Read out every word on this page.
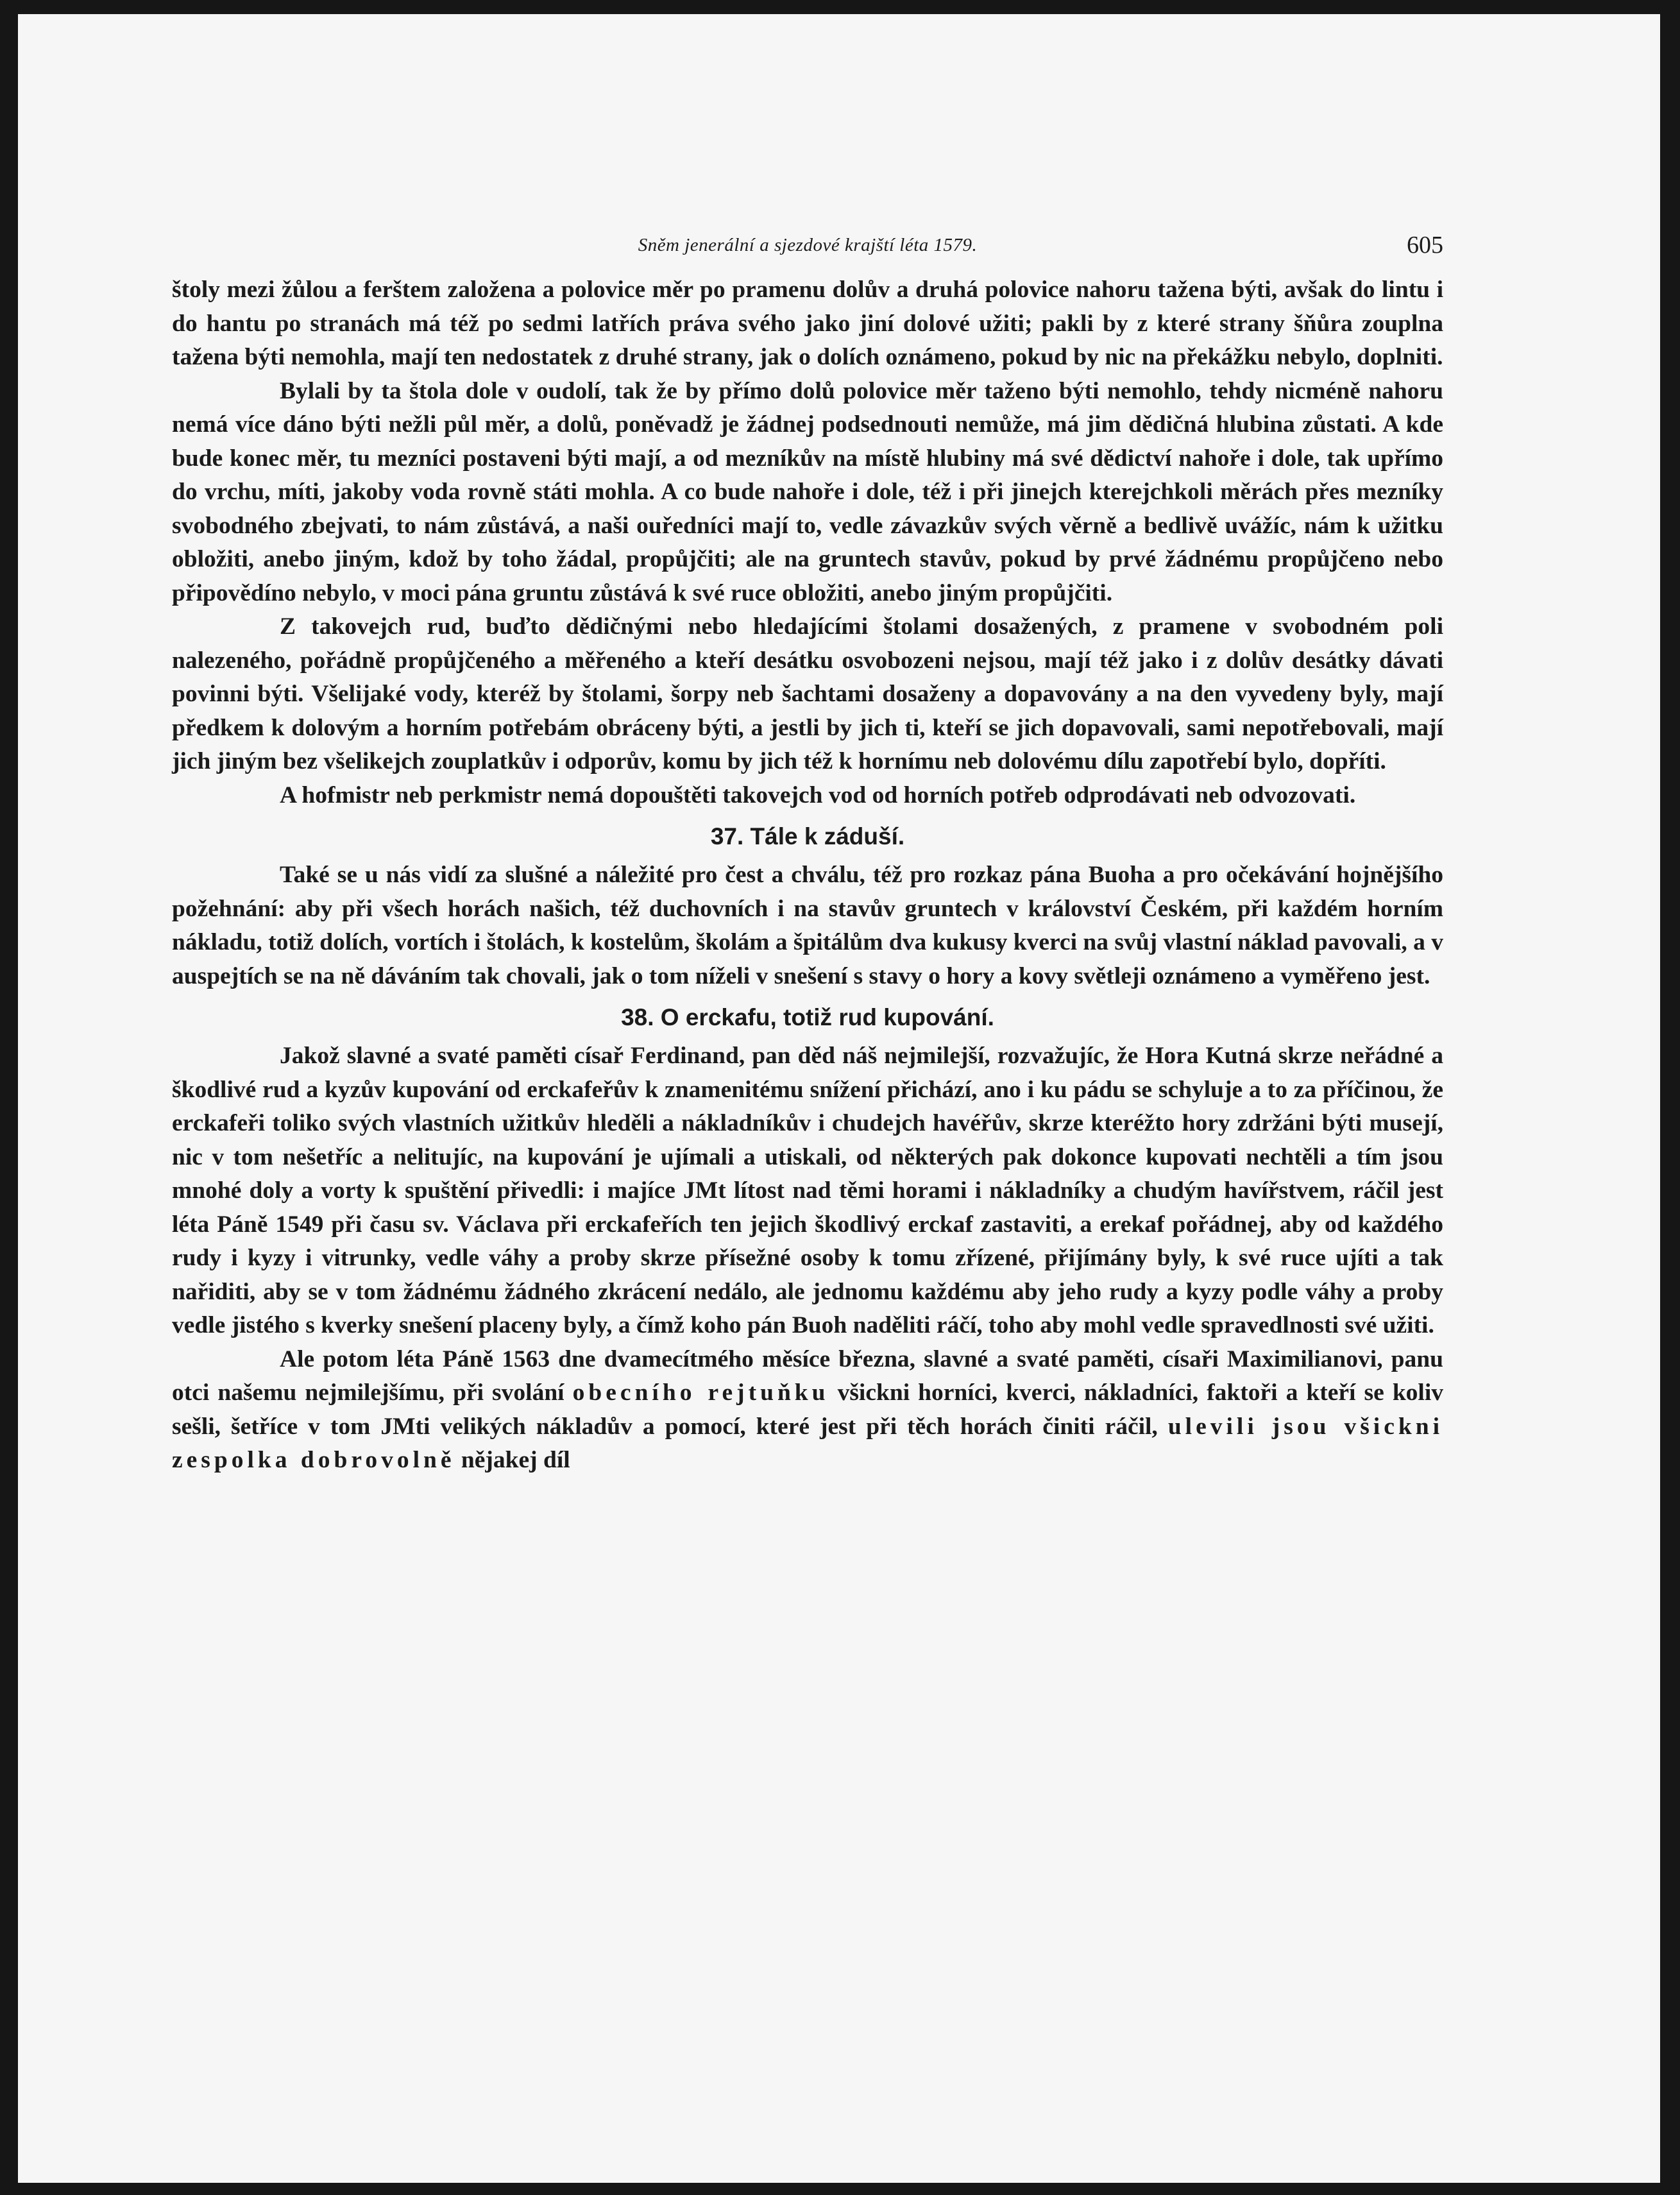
Sněm jenerální a sjezdové krajští léta 1579.	605

štoly mezi žůlou a ferštem založena a polovice měr po pramenu dolův a druhá polovice nahoru tažena býti, avšak do lintu i do hantu po stranách má též po sedmi latřích práva svého jako jiní dolové užiti; pakli by z které strany šňůra zouplna tažena býti nemohla, mají ten nedostatek z druhé strany, jak o dolích oznámeno, pokud by nic na překážku nebylo, doplniti.

Bylali by ta štola dole v oudolí, tak že by přímo dolů polovice měr taženo býti nemohlo, tehdy nicméně nahoru nemá více dáno býti nežli půl měr, a dolů, poněvadž je žádnej podsednouti nemůže, má jim dědičná hlubina zůstati. A kde bude konec měr, tu mezníci postaveni býti mají, a od mezníkův na místě hlubiny má své dědictví nahoře i dole, tak upřímo do vrchu, míti, jakoby voda rovně státi mohla. A co bude nahoře i dole, též i při jinejch kterejchkoli měrách přes mezníky svobodného zbejvati, to nám zůstává, a naši ouředníci mají to, vedle závazkův svých věrně a bedlivě uvážíc, nám k užitku obložiti, anebo jiným, kdož by toho žádal, propůjčiti; ale na gruntech stavův, pokud by prvé žádnému propůjčeno nebo připovědíno nebylo, v moci pána gruntu zůstává k své ruce obložiti, anebo jiným propůjčiti.

Z takovejch rud, buďto dědičnými nebo hledajícími štolami dosažených, z pramene v svobodném poli nalezeného, pořádně propůjčeného a měřeného a kteří desátku osvobozeni nejsou, mají též jako i z dolův desátky dávati povinni býti. Všelijaké vody, kteréž by štolami, šorpy neb šachtami dosaženy a dopavovány a na den vyvedeny byly, mají předkem k dolovým a horním potřebám obráceny býti, a jestli by jich ti, kteří se jich dopavovali, sami nepotřebovali, mají jich jiným bez všelikejch zouplatkův i odporův, komu by jich též k hornímu neb dolovému dílu zapotřebí bylo, dopříti.

A hofmistr neb perkmistr nemá dopouštěti takovejch vod od horních potřeb odprodávati neb odvozovati.

37. Tále k záduší.

Také se u nás vidí za slušné a náležité pro čest a chválu, též pro rozkaz pána Buoha a pro očekávání hojnějšího požehnání: aby při všech horách našich, též duchovních i na stavův gruntech v království Českém, při každém horním nákladu, totiž dolích, vortích i štolách, k kostelům, školám a špitálům dva kukusy kverci na svůj vlastní náklad pavovali, a v auspejtích se na ně dáváním tak chovali, jak o tom níželi v snešení s stavy o hory a kovy světleji oznámeno a vyměřeno jest.

38. O erckafu, totiž rud kupování.

Jakož slavné a svaté paměti císař Ferdinand, pan děd náš nejmilejší, rozvažujíc, že Hora Kutná skrze neřádné a škodlivé rud a kyzův kupování od erckafeřův k znamenitému snížení přichází, ano i ku pádu se schyluje a to za příčinou, že erckafeři toliko svých vlastních užitkův hleděli a nákladníkův i chudejch havéřův, skrze kteréžto hory zdržáni býti musejí, nic v tom nešetříc a nelitujíc, na kupování je ujímali a utiskali, od některých pak dokonce kupovati nechtěli a tím jsou mnohé doly a vorty k spuštění přivedli: i majíce JMt lítost nad těmi horami i nákladníky a chudým havířstvem, ráčil jest léta Páně 1549 při času sv. Václava při erckafeřích ten jejich škodlivý erckaf zastaviti, a erekaf pořádnej, aby od každého rudy i kyzy i vitrunky, vedle váhy a proby skrze přísežné osoby k tomu zřízené, přijímány byly, k své ruce ujíti a tak nařiditi, aby se v tom žádnému žádného zkrácení nedálo, ale jednomu každému aby jeho rudy a kyzy podle váhy a proby vedle jistého s kverky snešení placeny byly, a čímž koho pán Buoh naděliti ráčí, toho aby mohl vedle spravedlnosti své užiti.

Ale potom léta Páně 1563 dne dvamecítmého měsíce března, slavné a svaté paměti, císaři Maximilianovi, panu otci našemu nejmilejšímu, při svolání obecního rejtuňku všickni horníci, kverci, nákladníci, faktoři a kteří se koliv sešli, šetříce v tom JMti velikých nákladův a pomocí, které jest při těch horách činiti ráčil, ulevili jsou všickni zespolka dobrovolně nějakej díl
